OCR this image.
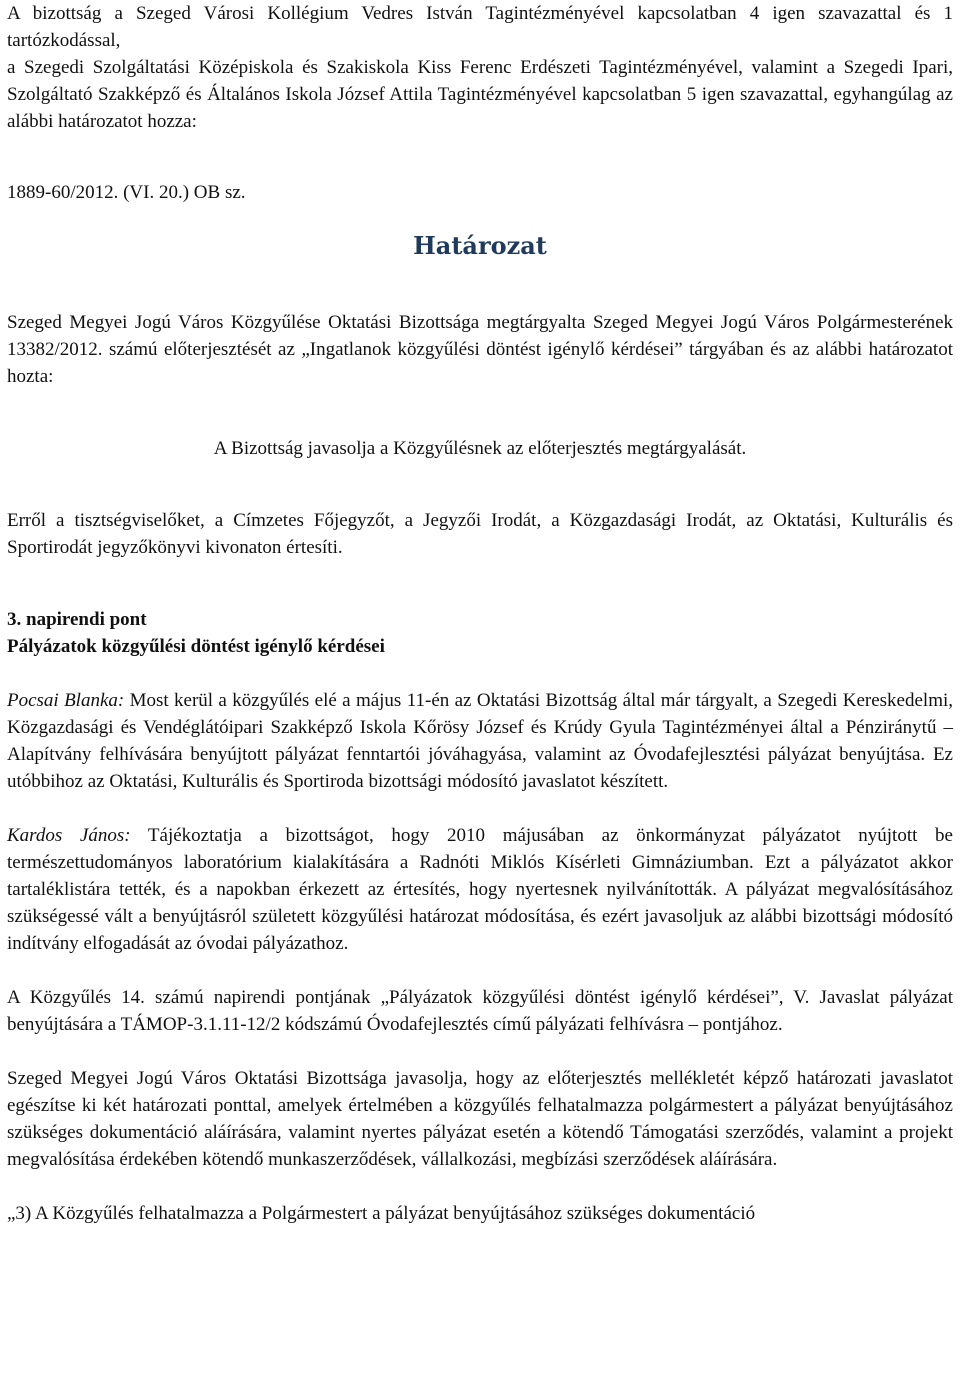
A bizottság a Szeged Városi Kollégium Vedres István Tagintézményével kapcsolatban 4 igen szavazattal és 1 tartózkodással,

a Szegedi Szolgáltatási Középiskola és Szakiskola Kiss Ferenc Erdészeti Tagintézményével, valamint a Szegedi Ipari, Szolgáltató Szakképző és Általános Iskola József Attila Tagintézményével kapcsolatban 5 igen szavazattal, egyhangúlag az alábbi határozatot hozza:

1889-60/2012. (VI. 20.) OB sz.

Határozat

Szeged Megyei Jogú Város Közgyűlése Oktatási Bizottsága megtárgyalta Szeged Megyei Jogú Város Polgármesterének 13382/2012. számú előterjesztését az „Ingatlanok közgyűlési döntést igénylő kérdései” tárgyában és az alábbi határozatot hozta:

A Bizottság javasolja a Közgyűlésnek az előterjesztés megtárgyalását.

Erről a tisztségviselőket, a Címzetes Főjegyzőt, a Jegyzői Irodát, a Közgazdasági Irodát, az Oktatási, Kulturális és Sportirodát jegyzőkönyvi kivonaton értesíti.

3. napirendi pont

Pályázatok közgyűlési döntést igénylő kérdései

Pocsai Blanka: Most kerül a közgyűlés elé a május 11-én az Oktatási Bizottság által már tárgyalt, a Szegedi Kereskedelmi, Közgazdasági és Vendéglátóipari Szakképző Iskola Kőrösy József és Krúdy Gyula Tagintézményei által a Pénziránytű – Alapítvány felhívására benyújtott pályázat fenntartói jóváhagyása, valamint az Óvodafejlesztési pályázat benyújtása. Ez utóbbihoz az Oktatási, Kulturális és Sportiroda bizottsági módosító javaslatot készített.

Kardos János: Tájékoztatja a bizottságot, hogy 2010 májusában az önkormányzat pályázatot nyújtott be természettudományos laboratórium kialakítására a Radnóti Miklós Kísérleti Gimnáziumban. Ezt a pályázatot akkor tartaléklistára tették, és a napokban érkezett az értesítés, hogy nyertesnek nyilvánították. A pályázat megvalósításához szükségessé vált a benyújtásról született közgyűlési határozat módosítása, és ezért javasoljuk az alábbi bizottsági módosító indítvány elfogadását az óvodai pályázathoz.

A Közgyűlés 14. számú napirendi pontjának „Pályázatok közgyűlési döntést igénylő kérdései”, V. Javaslat pályázat benyújtására a TÁMOP-3.1.11-12/2 kódszámú Óvodafejlesztés című pályázati felhívásra – pontjához.

Szeged Megyei Jogú Város Oktatási Bizottsága javasolja, hogy az előterjesztés mellékletét képző határozati javaslatot egészítse ki két határozati ponttal, amelyek értelmében a közgyűlés felhatalmazza polgármestert a pályázat benyújtásához szükséges dokumentáció aláírására, valamint nyertes pályázat esetén a kötendő Támogatási szerződés, valamint a projekt megvalósítása érdekében kötendő munkaszerződések, vállalkozási, megbízási szerződések aláírására.

„3) A Közgyűlés felhatalmazza a Polgármestert a pályázat benyújtásához szükséges dokumentáció
